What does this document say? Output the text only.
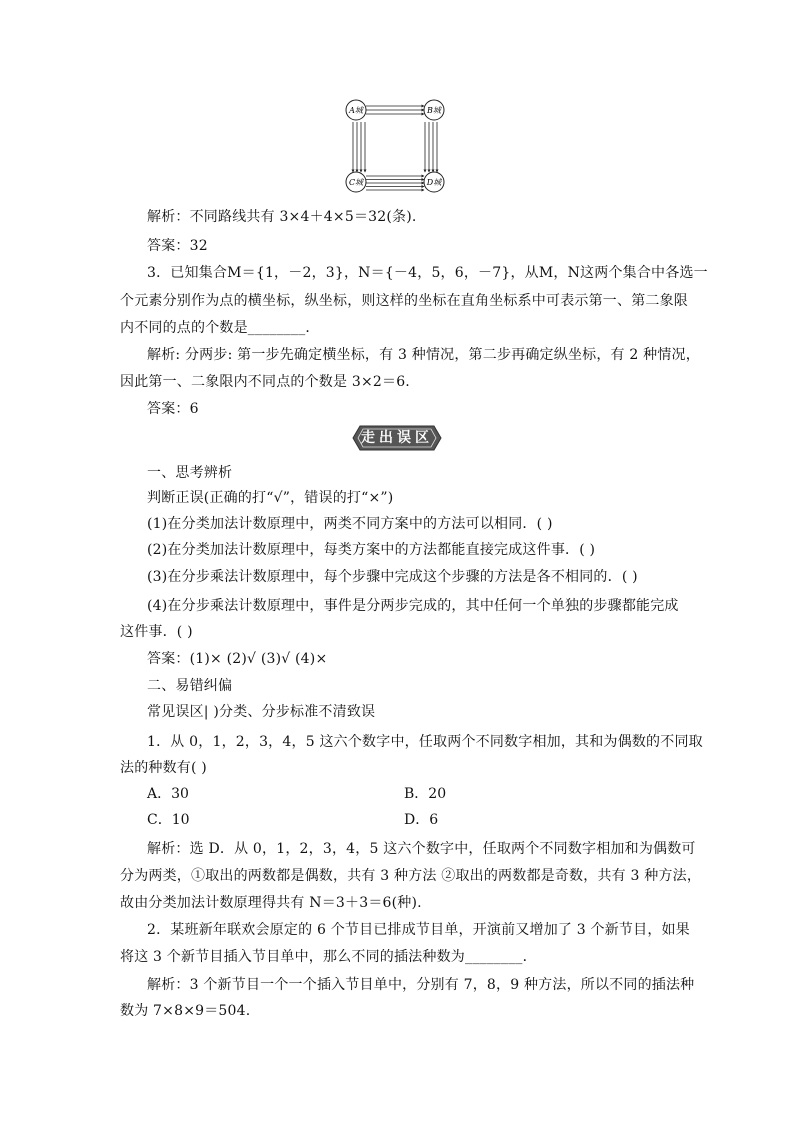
A城	B城
C城	D城
解析：不同路线共有 3×4＋4×5＝32(条).
答案：32
3．已知集合M＝{1，－2，3}，N＝{－4，5，6，－7}，从M，N这两个集合中各选一
个元素分别作为点的横坐标，纵坐标，则这样的坐标在直角坐标系中可表示第一、第二象限
内不同的点的个数是________．
解析: 分两步: 第一步先确定横坐标，有 3 种情况，第二步再确定纵坐标，有 2 种情况，
因此第一、二象限内不同点的个数是 3×2＝6.
答案：6
走出误区
一、思考辨析
判断正误(正确的打“√”，错误的打“×”)
(1)在分类加法计数原理中，两类不同方案中的方法可以相同．( )
(2)在分类加法计数原理中，每类方案中的方法都能直接完成这件事．( )
(3)在分步乘法计数原理中，每个步骤中完成这个步骤的方法是各不相同的．( )
(4)在分步乘法计数原理中，事件是分两步完成的，其中任何一个单独的步骤都能完成
这件事．( )
答案：(1)× (2)√ (3)√ (4)×
二、易错纠偏
常见误区| )分类、分步标准不清致误
1．从 0，1，2，3，4，5 这六个数字中，任取两个不同数字相加，其和为偶数的不同取
法的种数有( )
A．30	B．20
C．10	D．6
解析：选 D．从 0，1，2，3，4，5 这六个数字中，任取两个不同数字相加和为偶数可
分为两类，①取出的两数都是偶数，共有 3 种方法 ②取出的两数都是奇数，共有 3 种方法，
故由分类加法计数原理得共有 N＝3＋3＝6(种).
2．某班新年联欢会原定的 6 个节目已排成节目单，开演前又增加了 3 个新节目，如果
将这 3 个新节目插入节目单中，那么不同的插法种数为________．
解析：3 个新节目一个一个插入节目单中，分别有 7，8，9 种方法，所以不同的插法种
数为 7×8×9＝504.
